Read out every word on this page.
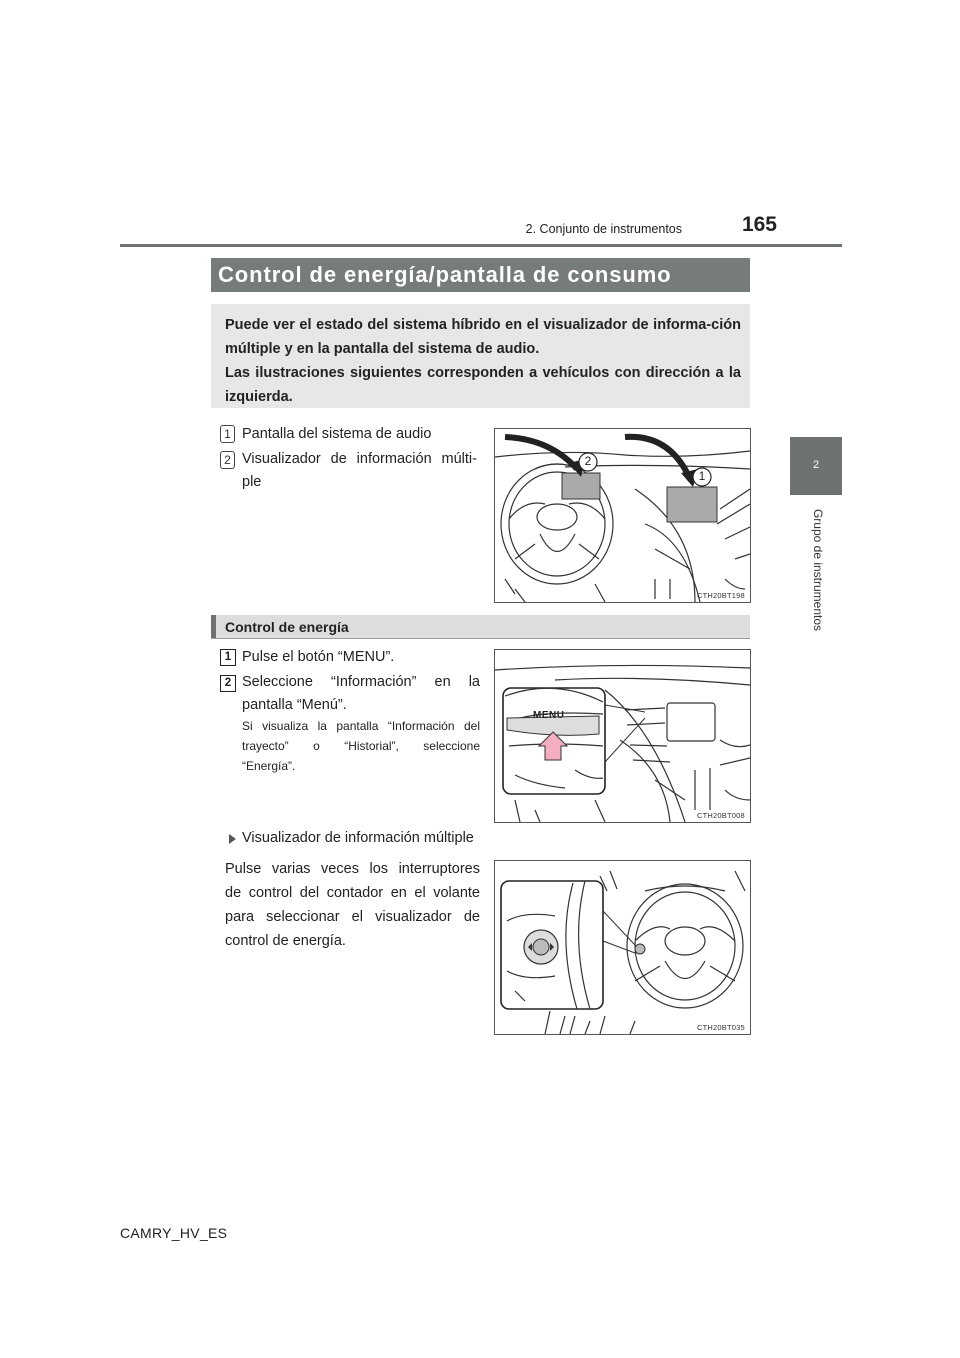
2. Conjunto de instrumentos	165
2
Grupo de instrumentos
Control de energía/pantalla de consumo
Puede ver el estado del sistema híbrido en el visualizador de informa-ción múltiple y en la pantalla del sistema de audio.
Las ilustraciones siguientes corresponden a vehículos con dirección a la izquierda.
1 Pantalla del sistema de audio
2 Visualizador de información múlti-
ple
2
1
CTH20BT198
Control de energía
1 Pulse el botón “MENU”.
2 Seleccione “Información” en la
pantalla “Menú”.
Si visualiza la pantalla “Información del
trayecto” o “Historial”, seleccione
“Energía”.
MENU
CTH20BT008
Visualizador de información múltiple
Pulse varias veces los interruptores
de control del contador en el volante
para seleccionar el visualizador de
control de energía.
CTH20BT035
CAMRY_HV_ES
